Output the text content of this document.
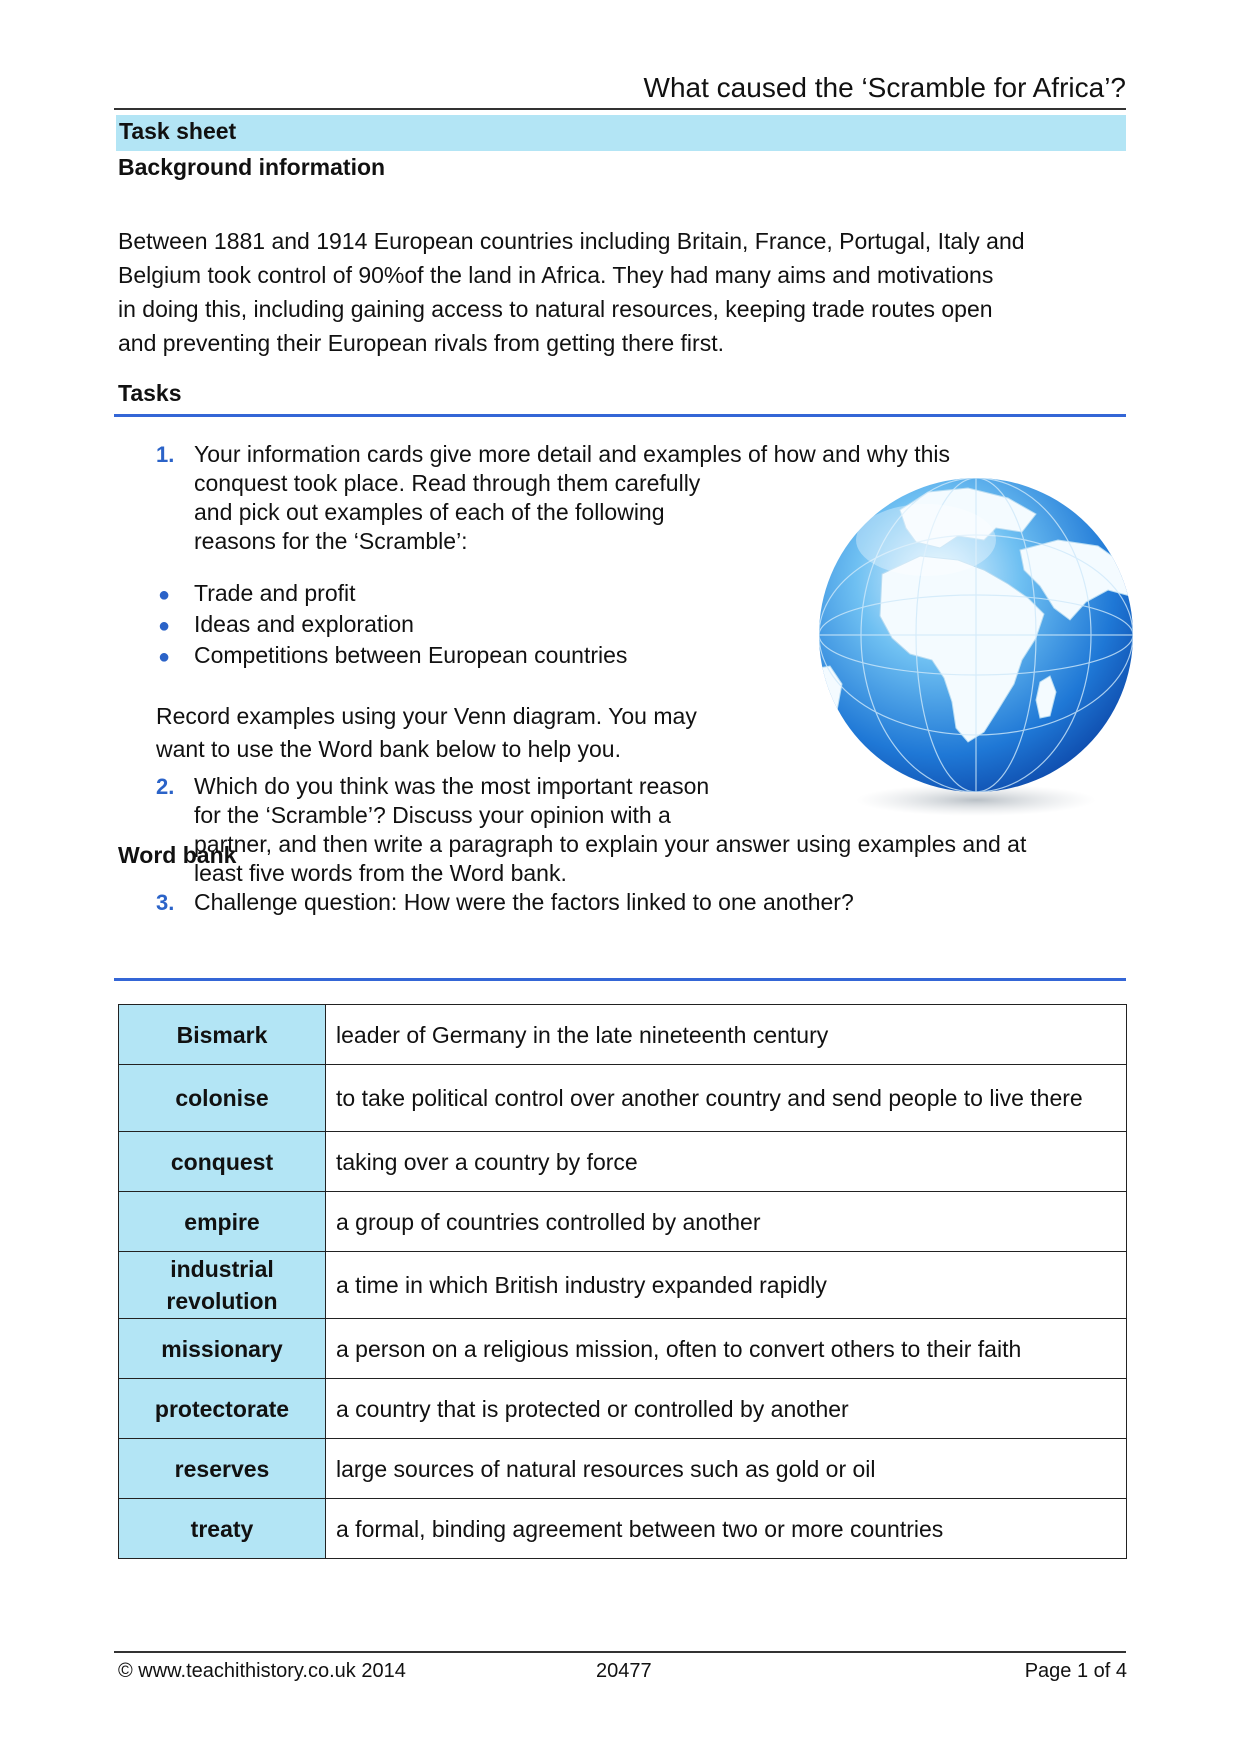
What caused the ‘Scramble for Africa’?
Task sheet
Background information
Between 1881 and 1914 European countries including Britain, France, Portugal, Italy and
Belgium took control of 90%of the land in Africa. They had many aims and motivations
in doing this, including gaining access to natural resources, keeping trade routes open
and preventing their European rivals from getting there first.
Tasks
1. Your information cards give more detail and examples of how and why this
conquest took place. Read through them carefully
and pick out examples of each of the following
reasons for the ‘Scramble’:
● Trade and profit
● Ideas and exploration
● Competitions between European countries
Record examples using your Venn diagram. You may
want to use the Word bank below to help you.
2. Which do you think was the most important reason
for the ‘Scramble’? Discuss your opinion with a
partner, and then write a paragraph to explain your answer using examples and at
least five words from the Word bank.
3. Challenge question: How were the factors linked to one another?
Word bank
Bismark	leader of Germany in the late nineteenth century
colonise	to take political control over another country and send people to live there
conquest	taking over a country by force
empire	a group of countries controlled by another
industrial revolution	a time in which British industry expanded rapidly
missionary	a person on a religious mission, often to convert others to their faith
protectorate	a country that is protected or controlled by another
reserves	large sources of natural resources such as gold or oil
treaty	a formal, binding agreement between two or more countries
© www.teachithistory.co.uk 2014	20477	Page 1 of 4
